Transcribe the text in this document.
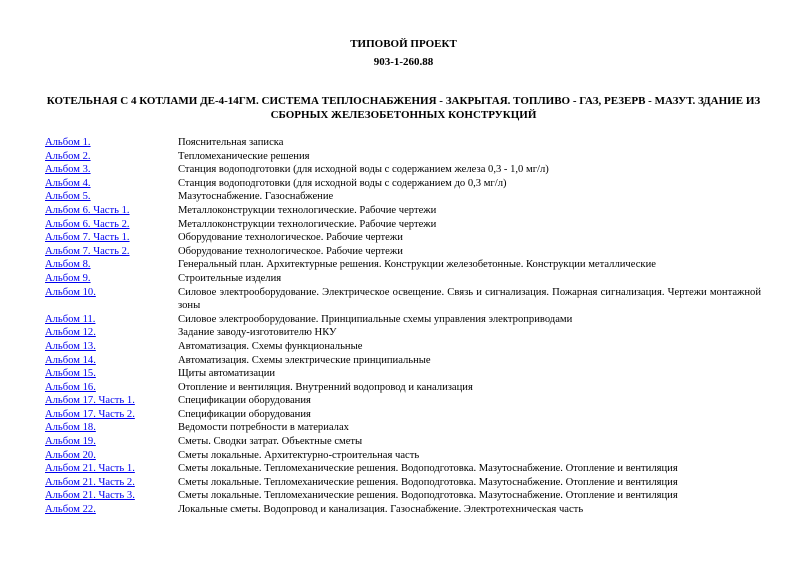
ТИПОВОЙ ПРОЕКТ
903-1-260.88
КОТЕЛЬНАЯ С 4 КОТЛАМИ ДЕ-4-14ГМ. СИСТЕМА ТЕПЛОСНАБЖЕНИЯ - ЗАКРЫТАЯ. ТОПЛИВО - ГАЗ, РЕЗЕРВ - МАЗУТ. ЗДАНИЕ ИЗ СБОРНЫХ ЖЕЛЕЗОБЕТОННЫХ КОНСТРУКЦИЙ
Альбом 1.	Пояснительная записка
Альбом 2.	Тепломеханические решения
Альбом 3.	Станция водоподготовки (для исходной воды с содержанием железа 0,3 - 1,0 мг/л)
Альбом 4.	Станция водоподготовки (для исходной воды с содержанием до 0,3 мг/л)
Альбом 5.	Мазутоснабжение. Газоснабжение
Альбом 6. Часть 1.	Металлоконструкции технологические. Рабочие чертежи
Альбом 6. Часть 2.	Металлоконструкции технологические. Рабочие чертежи
Альбом 7. Часть 1.	Оборудование технологическое. Рабочие чертежи
Альбом 7. Часть 2.	Оборудование технологическое. Рабочие чертежи
Альбом 8.	Генеральный план. Архитектурные решения. Конструкции железобетонные. Конструкции металлические
Альбом 9.	Строительные изделия
Альбом 10.	Силовое электрооборудование. Электрическое освещение. Связь и сигнализация. Пожарная сигнализация. Чертежи монтажной зоны
Альбом 11.	Силовое электрооборудование. Принципиальные схемы управления электроприводами
Альбом 12.	Задание заводу-изготовителю НКУ
Альбом 13.	Автоматизация. Схемы функциональные
Альбом 14.	Автоматизация. Схемы электрические принципиальные
Альбом 15.	Щиты автоматизации
Альбом 16.	Отопление и вентиляция. Внутренний водопровод и канализация
Альбом 17. Часть 1.	Спецификации оборудования
Альбом 17. Часть 2.	Спецификации оборудования
Альбом 18.	Ведомости потребности в материалах
Альбом 19.	Сметы. Сводки затрат. Объектные сметы
Альбом 20.	Сметы локальные. Архитектурно-строительная часть
Альбом 21. Часть 1.	Сметы локальные. Тепломеханические решения. Водоподготовка. Мазутоснабжение. Отопление и вентиляция
Альбом 21. Часть 2.	Сметы локальные. Тепломеханические решения. Водоподготовка. Мазутоснабжение. Отопление и вентиляция
Альбом 21. Часть 3.	Сметы локальные. Тепломеханические решения. Водоподготовка. Мазутоснабжение. Отопление и вентиляция
Альбом 22.	Локальные сметы. Водопровод и канализация. Газоснабжение. Электротехническая часть
